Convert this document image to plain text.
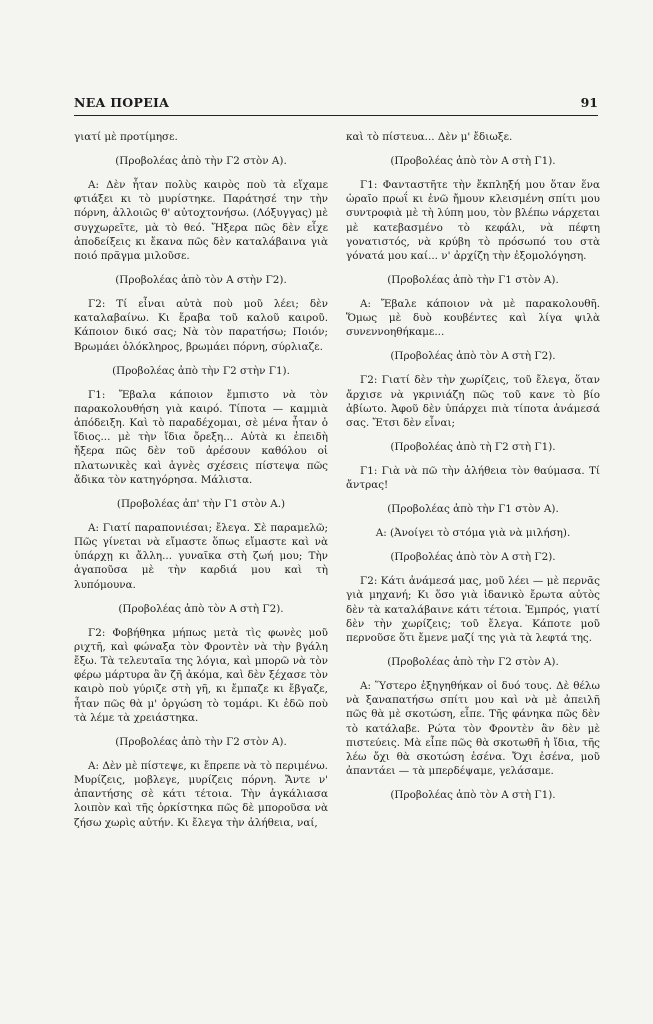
ΝΕΑ ΠΟΡΕΙΑ	91

γιατί μὲ προτίμησε.

(Προβολέας ἀπὸ τὴν Γ2 στὸν Α).

Α: Δὲν ἦταν πολὺς καιρὸς ποὺ τὰ εἴχαμε φτιάξει κι τὸ μυρίστηκε. Παράτησέ την τὴν πόρνη, ἀλλοιῶς θ' αὐτοχτονήσω. (Λόξυγγας) μὲ συγχωρεῖτε, μὰ τὸ θεό. Ἤξερα πῶς δὲν εἶχε ἀποδείξεις κι ἔκανα πῶς δὲν καταλάβαινα γιὰ ποιό πρᾶγμα μιλοῦσε.

(Προβολέας ἀπὸ τὸν Α στὴν Γ2).

Γ2: Τί εἶναι αὐτὰ ποὺ μοῦ λέει; δὲν καταλαβαίνω. Κι ἔραβα τοῦ καλοῦ καιροῦ. Κάποιον δικό σας; Νὰ τὸν παρατήσω; Ποιόν; Βρωμάει ὁλόκληρος, βρωμάει πόρνη, σύρλιαζε.

(Προβολέας ἀπὸ τὴν Γ2 στὴν Γ1).

Γ1: Ἔβαλα κάποιον ἔμπιστο νὰ τὸν παρακολουθήση γιὰ καιρό. Τίποτα — καμμιὰ ἀπόδειξη. Καὶ τὸ παραδέχομαι, σὲ μένα ἦταν ὁ ἴδιος... μὲ τὴν ἴδια ὄρεξη... Αὐτὰ κι ἐπειδὴ ἤξερα πῶς δὲν τοῦ ἀρέσουν καθόλου οἱ πλατωνικὲς καὶ ἁγνὲς σχέσεις πίστεψα πῶς ἄδικα τὸν κατηγόρησα. Μάλιστα.

(Προβολέας ἀπ' τὴν Γ1 στὸν Α.)

Α: Γιατί παραπονιέσαι; ἔλεγα. Σὲ παραμελῶ; Πῶς γίνεται νὰ εἴμαστε ὅπως εἴμαστε καὶ νὰ ὑπάρχῃ κι ἄλλη... γυναῖκα στὴ ζωή μου; Τὴν ἀγαποῦσα μὲ τὴν καρδιά μου καὶ τὴ λυπόμουνα.

(Προβολέας ἀπὸ τὸν Α στὴ Γ2).

Γ2: Φοβήθηκα μήπως μετὰ τὶς φωνὲς μοῦ ριχτῆ, καὶ φώναξα τὸν Φροντὲν νὰ τὴν βγάλη ἔξω. Τὰ τελευταῖα της λόγια, καὶ μπορῶ νὰ τὸν φέρω μάρτυρα ἂν ζῆ ἀκόμα, καὶ δὲν ξέχασε τὸν καιρὸ ποὺ γύριζε στὴ γῆ, κι ἔμπαζε κι ἔβγαζε, ἦταν πῶς θὰ μ' ὀργώση τὸ τομάρι. Κι ἐδῶ ποὺ τὰ λέμε τὰ χρειάστηκα.

(Προβολέας ἀπὸ τὴν Γ2 στὸν Α).

Α: Δὲν μὲ πίστεψε, κι ἔπρεπε νὰ τὸ περιμένω. Μυρίζεις, μοβλεγε, μυρίζεις πόρνη. Ἄντε ν' ἀπαντήσης σὲ κάτι τέτοια. Τὴν ἀγκάλιασα λοιπὸν καὶ τῆς ὁρκίστηκα πῶς δὲ μποροῦσα νὰ ζήσω χωρὶς αὐτήν. Κι ἔλεγα τὴν ἀλήθεια, ναί,

καὶ τὸ πίστευα... Δὲν μ' ἔδιωξε.

(Προβολέας ἀπὸ τὸν Α στὴ Γ1).

Γ1: Φανταστῆτε τὴν ἔκπληξή μου ὅταν ἕνα ὡραῖο πρωΐ κι ἐνῶ ἤμουν κλεισμένη σπίτι μου συντροφιὰ μὲ τὴ λύπη μου, τὸν βλέπω νάρχεται μὲ κατεβασμένο τὸ κεφάλι, νὰ πέφτη γονατιστός, νὰ κρύβη τὸ πρόσωπό του στὰ γόνατά μου καί... ν' ἀρχίζη τὴν ἐξομολόγηση.

(Προβολέας ἀπὸ τὴν Γ1 στὸν Α).

Α: Ἔβαλε κάποιον νὰ μὲ παρακολουθῆ. Ὅμως μὲ δυὸ κουβέντες καὶ λίγα ψιλὰ συνεννοηθήκαμε...

(Προβολέας ἀπὸ τὸν Α στὴ Γ2).

Γ2: Γιατί δὲν τὴν χωρίζεις, τοῦ ἔλεγα, ὅταν ἄρχισε νὰ γκρινιάζη πῶς τοῦ κανε τὸ βίο ἀβίωτο. Ἀφοῦ δὲν ὑπάρχει πιὰ τίποτα ἀνάμεσά σας. Ἔτσι δὲν εἶναι;

(Προβολέας ἀπὸ τὴ Γ2 στὴ Γ1).

Γ1: Γιὰ νὰ πῶ τὴν ἀλήθεια τὸν θαύμασα. Τί ἄντρας!

(Προβολέας ἀπὸ τὴν Γ1 στὸν Α).

Α: (Ἀνοίγει τὸ στόμα γιὰ νὰ μιλήση).

(Προβολέας ἀπὸ τὸν Α στὴ Γ2).

Γ2: Κάτι ἀνάμεσά μας, μοῦ λέει — μὲ περνᾶς γιὰ μηχανή; Κι ὅσο γιὰ ἰδανικὸ ἔρωτα αὐτὸς δὲν τὰ καταλάβαινε κάτι τέτοια. Ἐμπρός, γιατί δὲν τὴν χωρίζεις; τοῦ ἔλεγα. Κάποτε μοῦ περνοῦσε ὅτι ἔμενε μαζί της γιὰ τὰ λεφτά της.

(Προβολέας ἀπὸ τὴν Γ2 στὸν Α).

Α: Ὕστερο ἐξηγηθήκαν οἱ δυό τους. Δὲ θέλω νὰ ξαναπατήσω σπίτι μου καὶ νὰ μὲ ἀπειλῆ πῶς θὰ μὲ σκοτώση, εἶπε. Τῆς φάνηκα πῶς δὲν τὸ κατάλαβε. Ρώτα τὸν Φροντὲν ἂν δὲν μὲ πιστεύεις. Μὰ εἶπε πῶς θὰ σκοτωθῆ ἡ ἴδια, τῆς λέω ὄχι θὰ σκοτώση ἐσένα. Ὄχι ἐσένα, μοῦ ἀπαντάει — τὰ μπερδέψαμε, γελάσαμε.

(Προβολέας ἀπὸ τὸν Α στὴ Γ1).
